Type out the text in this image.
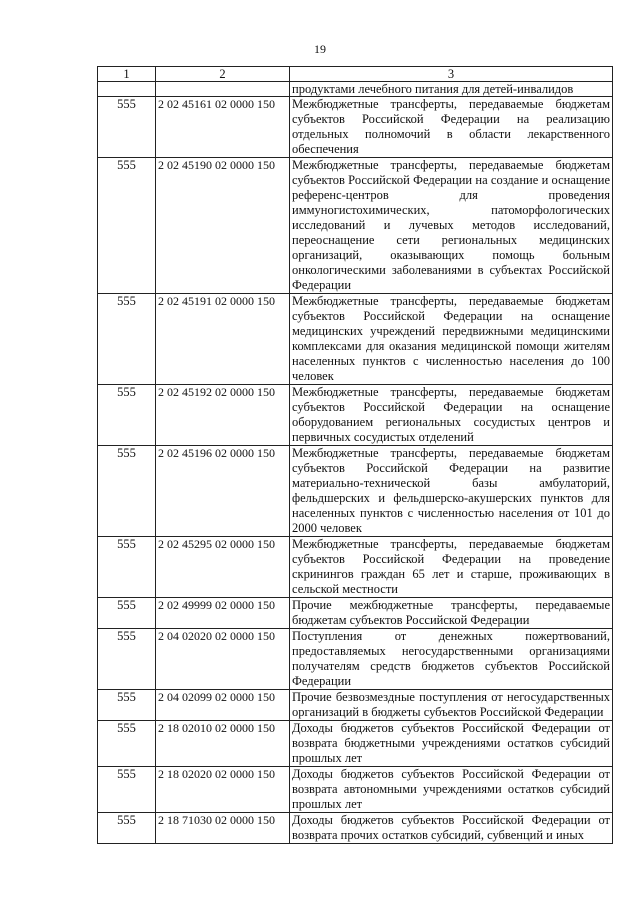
19
1	2	3
		продуктами лечебного питания для детей-инвалидов
555	2 02 45161 02 0000 150	Межбюджетные трансферты, передаваемые бюджетам субъектов Российской Федерации на реализацию отдельных полномочий в области лекарственного обеспечения
555	2 02 45190 02 0000 150	Межбюджетные трансферты, передаваемые бюджетам субъектов Российской Федерации на создание и оснащение референс-центров для проведения иммуногистохимических, патоморфологических исследований и лучевых методов исследований, переоснащение сети региональных медицинских организаций, оказывающих помощь больным онкологическими заболеваниями в субъектах Российской Федерации
555	2 02 45191 02 0000 150	Межбюджетные трансферты, передаваемые бюджетам субъектов Российской Федерации на оснащение медицинских учреждений передвижными медицинскими комплексами для оказания медицинской помощи жителям населенных пунктов с численностью населения до 100 человек
555	2 02 45192 02 0000 150	Межбюджетные трансферты, передаваемые бюджетам субъектов Российской Федерации на оснащение оборудованием региональных сосудистых центров и первичных сосудистых отделений
555	2 02 45196 02 0000 150	Межбюджетные трансферты, передаваемые бюджетам субъектов Российской Федерации на развитие материально-технической базы амбулаторий, фельдшерских и фельдшерско-акушерских пунктов для населенных пунктов с численностью населения от 101 до 2000 человек
555	2 02 45295 02 0000 150	Межбюджетные трансферты, передаваемые бюджетам субъектов Российской Федерации на проведение скринингов граждан 65 лет и старше, проживающих в сельской местности
555	2 02 49999 02 0000 150	Прочие межбюджетные трансферты, передаваемые бюджетам субъектов Российской Федерации
555	2 04 02020 02 0000 150	Поступления от денежных пожертвований, предоставляемых негосударственными организациями получателям средств бюджетов субъектов Российской Федерации
555	2 04 02099 02 0000 150	Прочие безвозмездные поступления от негосударственных организаций в бюджеты субъектов Российской Федерации
555	2 18 02010 02 0000 150	Доходы бюджетов субъектов Российской Федерации от возврата бюджетными учреждениями остатков субсидий прошлых лет
555	2 18 02020 02 0000 150	Доходы бюджетов субъектов Российской Федерации от возврата автономными учреждениями остатков субсидий прошлых лет
555	2 18 71030 02 0000 150	Доходы бюджетов субъектов Российской Федерации от возврата прочих остатков субсидий, субвенций и иных
